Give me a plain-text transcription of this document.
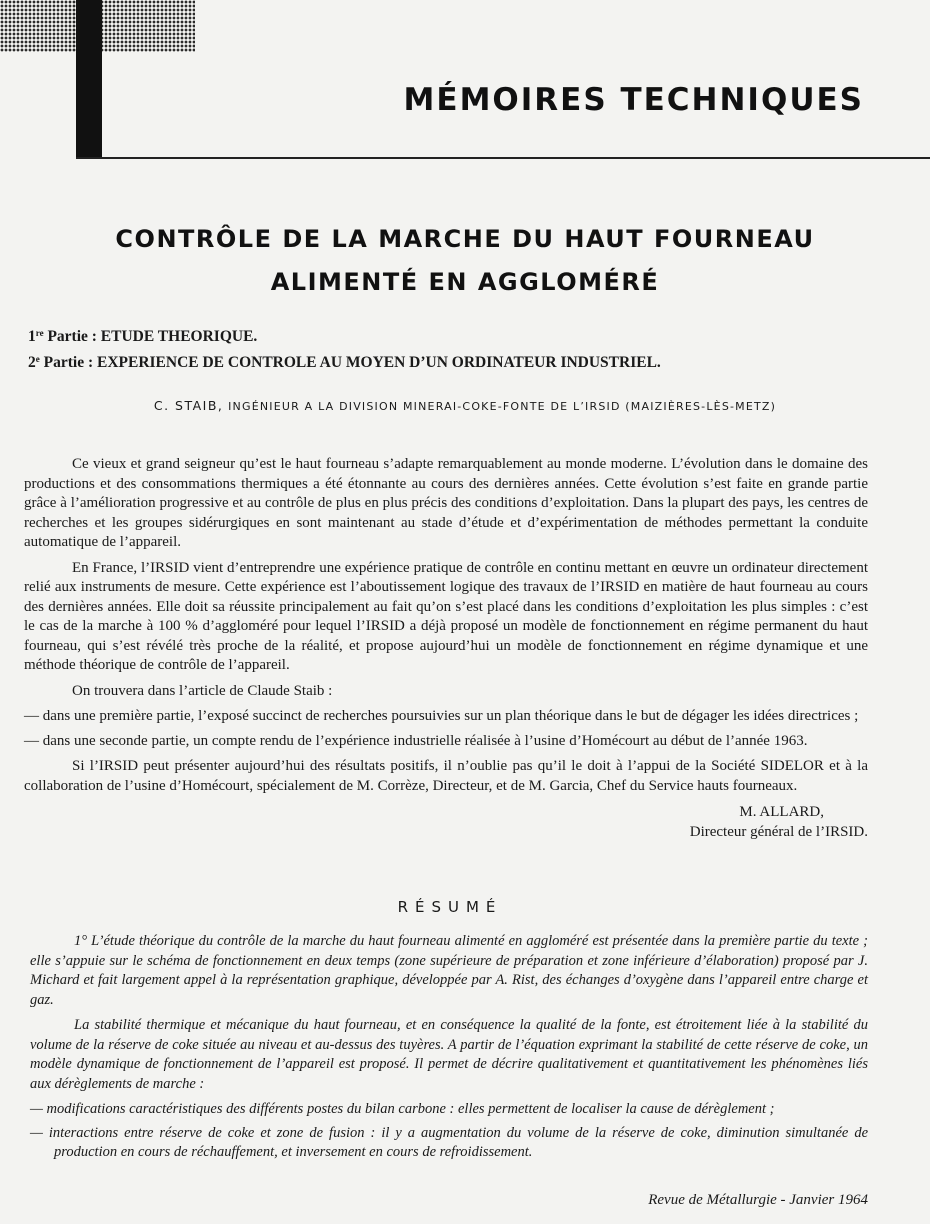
MÉMOIRES TECHNIQUES
CONTRÔLE DE LA MARCHE DU HAUT FOURNEAU
ALIMENTÉ EN AGGLOMÉRÉ
1re Partie : ETUDE THEORIQUE.
2e Partie : EXPERIENCE DE CONTROLE AU MOYEN D’UN ORDINATEUR INDUSTRIEL.
C. STAIB, INGÉNIEUR A LA DIVISION MINERAI-COKE-FONTE DE L’IRSID (MAIZIÈRES-LÈS-METZ)

Ce vieux et grand seigneur qu’est le haut fourneau s’adapte remarquablement au monde moderne. L’évolution dans le domaine des productions et des consommations thermiques a été étonnante au cours des dernières années. Cette évolution s’est faite en grande partie grâce à l’amélioration progressive et au contrôle de plus en plus précis des conditions d’exploitation. Dans la plupart des pays, les centres de recherches et les groupes sidérurgiques en sont maintenant au stade d’étude et d’expérimentation de méthodes permettant la conduite automatique de l’appareil.

En France, l’IRSID vient d’entreprendre une expérience pratique de contrôle en continu mettant en œuvre un ordinateur directement relié aux instruments de mesure. Cette expérience est l’aboutissement logique des travaux de l’IRSID en matière de haut fourneau au cours des dernières années. Elle doit sa réussite principalement au fait qu’on s’est placé dans les conditions d’exploitation les plus simples : c’est le cas de la marche à 100 % d’aggloméré pour lequel l’IRSID a déjà proposé un modèle de fonctionnement en régime permanent du haut fourneau, qui s’est révélé très proche de la réalité, et propose aujourd’hui un modèle de fonctionnement en régime dynamique et une méthode théorique de contrôle de l’appareil.

On trouvera dans l’article de Claude Staib :

— dans une première partie, l’exposé succinct de recherches poursuivies sur un plan théorique dans le but de dégager les idées directrices ;
— dans une seconde partie, un compte rendu de l’expérience industrielle réalisée à l’usine d’Homécourt au début de l’année 1963.

Si l’IRSID peut présenter aujourd’hui des résultats positifs, il n’oublie pas qu’il le doit à l’appui de la Société SIDELOR et à la collaboration de l’usine d’Homécourt, spécialement de M. Corrèze, Directeur, et de M. Garcia, Chef du Service hauts fourneaux.

M. ALLARD,
Directeur général de l’IRSID.

RÉSUMÉ

1° L’étude théorique du contrôle de la marche du haut fourneau alimenté en aggloméré est présentée dans la première partie du texte ; elle s’appuie sur le schéma de fonctionnement en deux temps (zone supérieure de préparation et zone inférieure d’élaboration) proposé par J. Michard et fait largement appel à la représentation graphique, développée par A. Rist, des échanges d’oxygène dans l’appareil entre charge et gaz.

La stabilité thermique et mécanique du haut fourneau, et en conséquence la qualité de la fonte, est étroitement liée à la stabilité du volume de la réserve de coke située au niveau et au-dessus des tuyères. A partir de l’équation exprimant la stabilité de cette réserve de coke, un modèle dynamique de fonctionnement de l’appareil est proposé. Il permet de décrire qualitativement et quantitativement les phénomènes liés aux dérèglements de marche :

— modifications caractéristiques des différents postes du bilan carbone : elles permettent de localiser la cause de dérèglement ;
— interactions entre réserve de coke et zone de fusion : il y a augmentation du volume de la réserve de coke, diminution simultanée de production en cours de réchauffement, et inversement en cours de refroidissement.
Revue de Métallurgie - Janvier 1964
